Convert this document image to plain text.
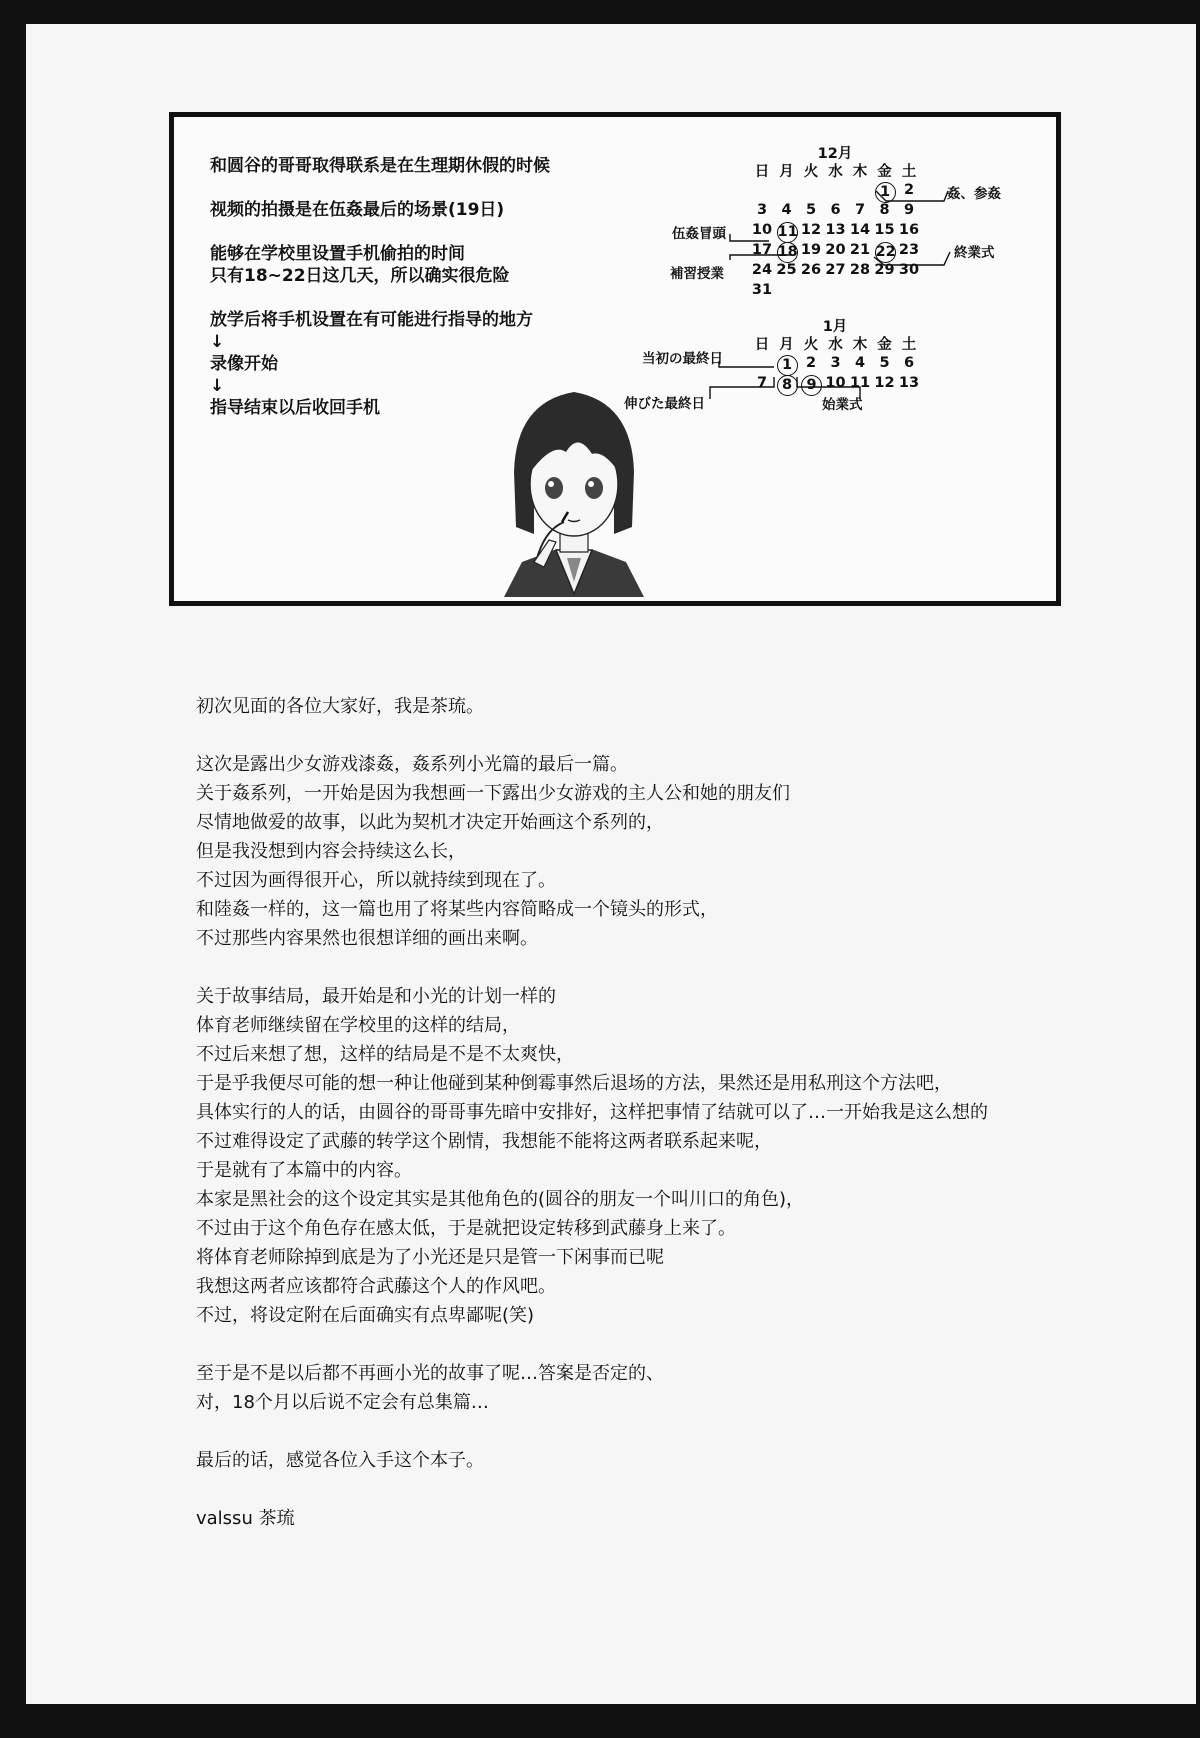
和圆谷的哥哥取得联系是在生理期休假的时候
视频的拍摄是在伍姦最后的场景(19日)
能够在学校里设置手机偷拍的时间
只有18~22日这几天，所以确实很危险
放学后将手机设置在有可能进行指导的地方
↓
录像开始
↓
指导结束以后收回手机
12月
日 月 火 水 木 金 土
1 2
3 4 5 6 7 8 9
10 11 12 13 14 15 16
17 18 19 20 21 22 23
24 25 26 27 28 29 30
31
姦、参姦
伍姦冒頭
終業式
補習授業
1月
日 月 火 水 木 金 土
1 2 3 4 5 6
7	8 9 10 11 12 13
当初の最終日
伸びた最終日	始業式

初次见面的各位大家好，我是茶琉。

这次是露出少女游戏漆姦，姦系列小光篇的最后一篇。

关于姦系列，一开始是因为我想画一下露出少女游戏的主人公和她的朋友们

尽情地做爱的故事，以此为契机才决定开始画这个系列的，

但是我没想到内容会持续这么长，

不过因为画得很开心，所以就持续到现在了。

和陸姦一样的，这一篇也用了将某些内容简略成一个镜头的形式，

不过那些内容果然也很想详细的画出来啊。

关于故事结局，最开始是和小光的计划一样的

体育老师继续留在学校里的这样的结局，

不过后来想了想，这样的结局是不是不太爽快，

于是乎我便尽可能的想一种让他碰到某种倒霉事然后退场的方法，果然还是用私刑这个方法吧，

具体实行的人的话，由圆谷的哥哥事先暗中安排好，这样把事情了结就可以了…一开始我是这么想的

不过难得设定了武藤的转学这个剧情，我想能不能将这两者联系起来呢，

于是就有了本篇中的内容。

本家是黑社会的这个设定其实是其他角色的(圆谷的朋友一个叫川口的角色)，

不过由于这个角色存在感太低，于是就把设定转移到武藤身上来了。

将体育老师除掉到底是为了小光还是只是管一下闲事而已呢

我想这两者应该都符合武藤这个人的作风吧。

不过，将设定附在后面确实有点卑鄙呢(笑)

至于是不是以后都不再画小光的故事了呢…答案是否定的、

对，18个月以后说不定会有总集篇…

最后的话，感觉各位入手这个本子。

valssu 茶琉
